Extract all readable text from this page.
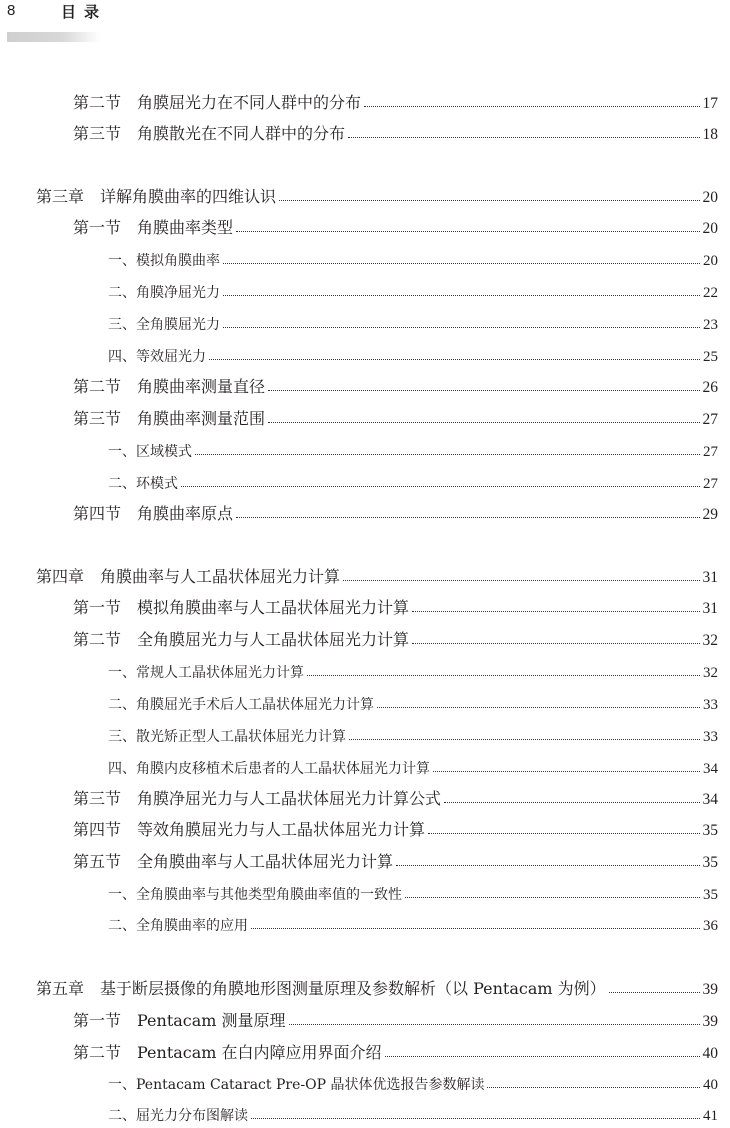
8	目录
第二节　角膜屈光力在不同人群中的分布	17
第三节　角膜散光在不同人群中的分布	18
第三章　详解角膜曲率的四维认识	20
第一节　角膜曲率类型	20
一、模拟角膜曲率	20
二、角膜净屈光力	22
三、全角膜屈光力	23
四、等效屈光力	25
第二节　角膜曲率测量直径	26
第三节　角膜曲率测量范围	27
一、区域模式	27
二、环模式	27
第四节　角膜曲率原点	29
第四章　角膜曲率与人工晶状体屈光力计算	31
第一节　模拟角膜曲率与人工晶状体屈光力计算	31
第二节　全角膜屈光力与人工晶状体屈光力计算	32
一、常规人工晶状体屈光力计算	32
二、角膜屈光手术后人工晶状体屈光力计算	33
三、散光矫正型人工晶状体屈光力计算	33
四、角膜内皮移植术后患者的人工晶状体屈光力计算	34
第三节　角膜净屈光力与人工晶状体屈光力计算公式	34
第四节　等效角膜屈光力与人工晶状体屈光力计算	35
第五节　全角膜曲率与人工晶状体屈光力计算	35
一、全角膜曲率与其他类型角膜曲率值的一致性	35
二、全角膜曲率的应用	36
第五章　基于断层摄像的角膜地形图测量原理及参数解析（以 Pentacam 为例）	39
第一节　Pentacam 测量原理	39
第二节　Pentacam 在白内障应用界面介绍	40
一、Pentacam Cataract Pre-OP 晶状体优选报告参数解读	40
二、屈光力分布图解读	41
